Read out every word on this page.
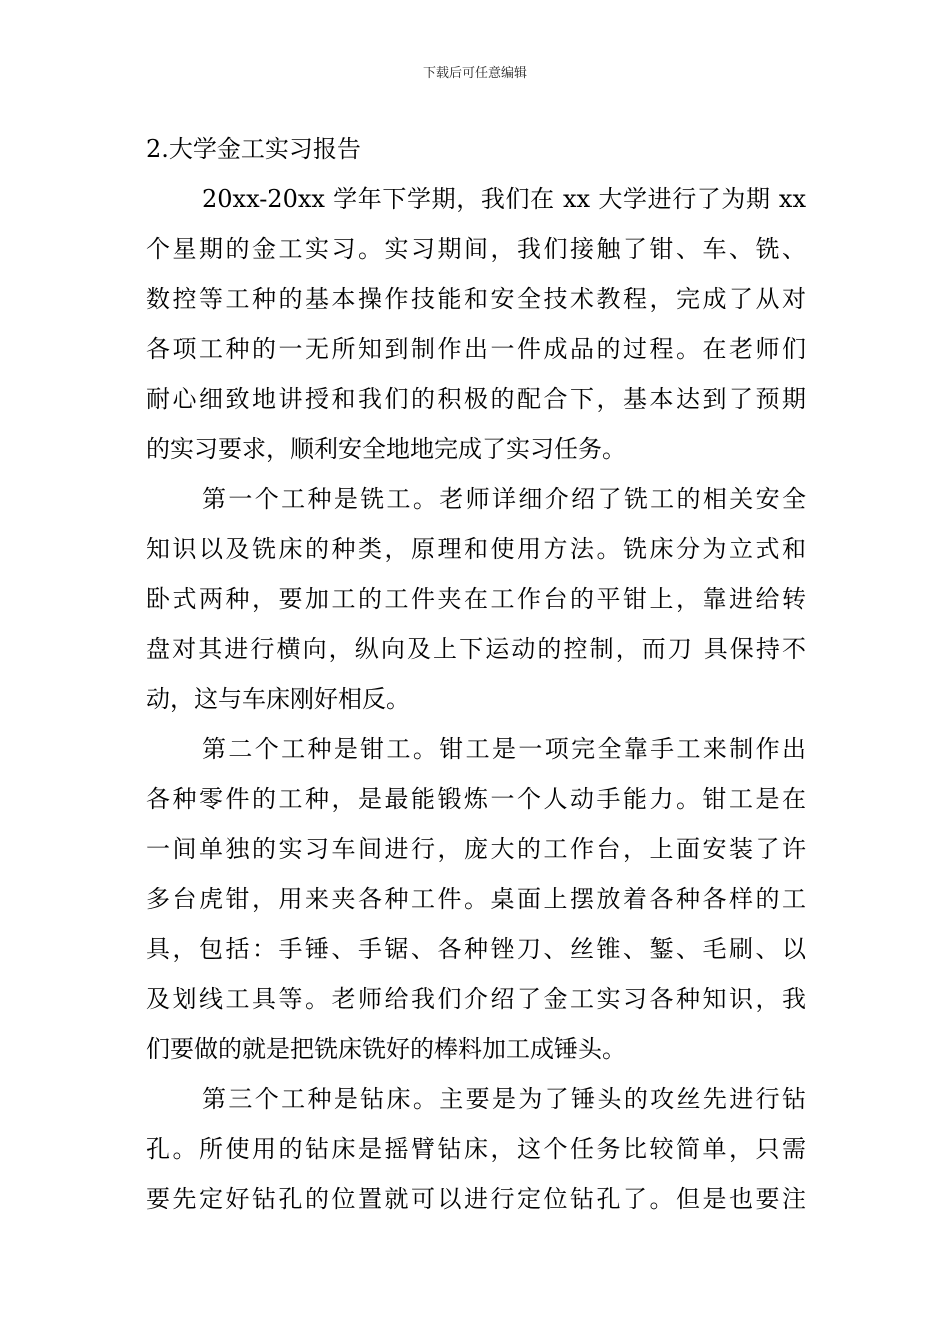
下载后可任意编辑
2.大学金工实习报告

20xx-20xx 学年下学期，我们在 xx 大学进行了为期 xx
个星期的金工实习。实习期间，我们接触了钳、车、铣、
数控等工种的基本操作技能和安全技术教程，完成了从对
各项工种的一无所知到制作出一件成品的过程。在老师们
耐心细致地讲授和我们的积极的配合下，基本达到了预期
的实习要求，顺利安全地地完成了实习任务。

第一个工种是铣工。老师详细介绍了铣工的相关安全
知识以及铣床的种类，原理和使用方法。铣床分为立式和
卧式两种，要加工的工件夹在工作台的平钳上，靠进给转
盘对其进行横向，纵向及上下运动的控制，而刀 具保持不
动，这与车床刚好相反。

第二个工种是钳工。钳工是一项完全靠手工来制作出
各种零件的工种，是最能锻炼一个人动手能力。钳工是在
一间单独的实习车间进行，庞大的工作台，上面安装了许
多台虎钳，用来夹各种工件。桌面上摆放着各种各样的工
具，包括：手锤、手锯、各种锉刀、丝锥、錾、毛刷、以
及划线工具等。老师给我们介绍了金工实习各种知识，我
们要做的就是把铣床铣好的棒料加工成锤头。

第三个工种是钻床。主要是为了锤头的攻丝先进行钻
孔。所使用的钻床是摇臂钻床，这个任务比较简单，只需
要先定好钻孔的位置就可以进行定位钻孔了。但是也要注
